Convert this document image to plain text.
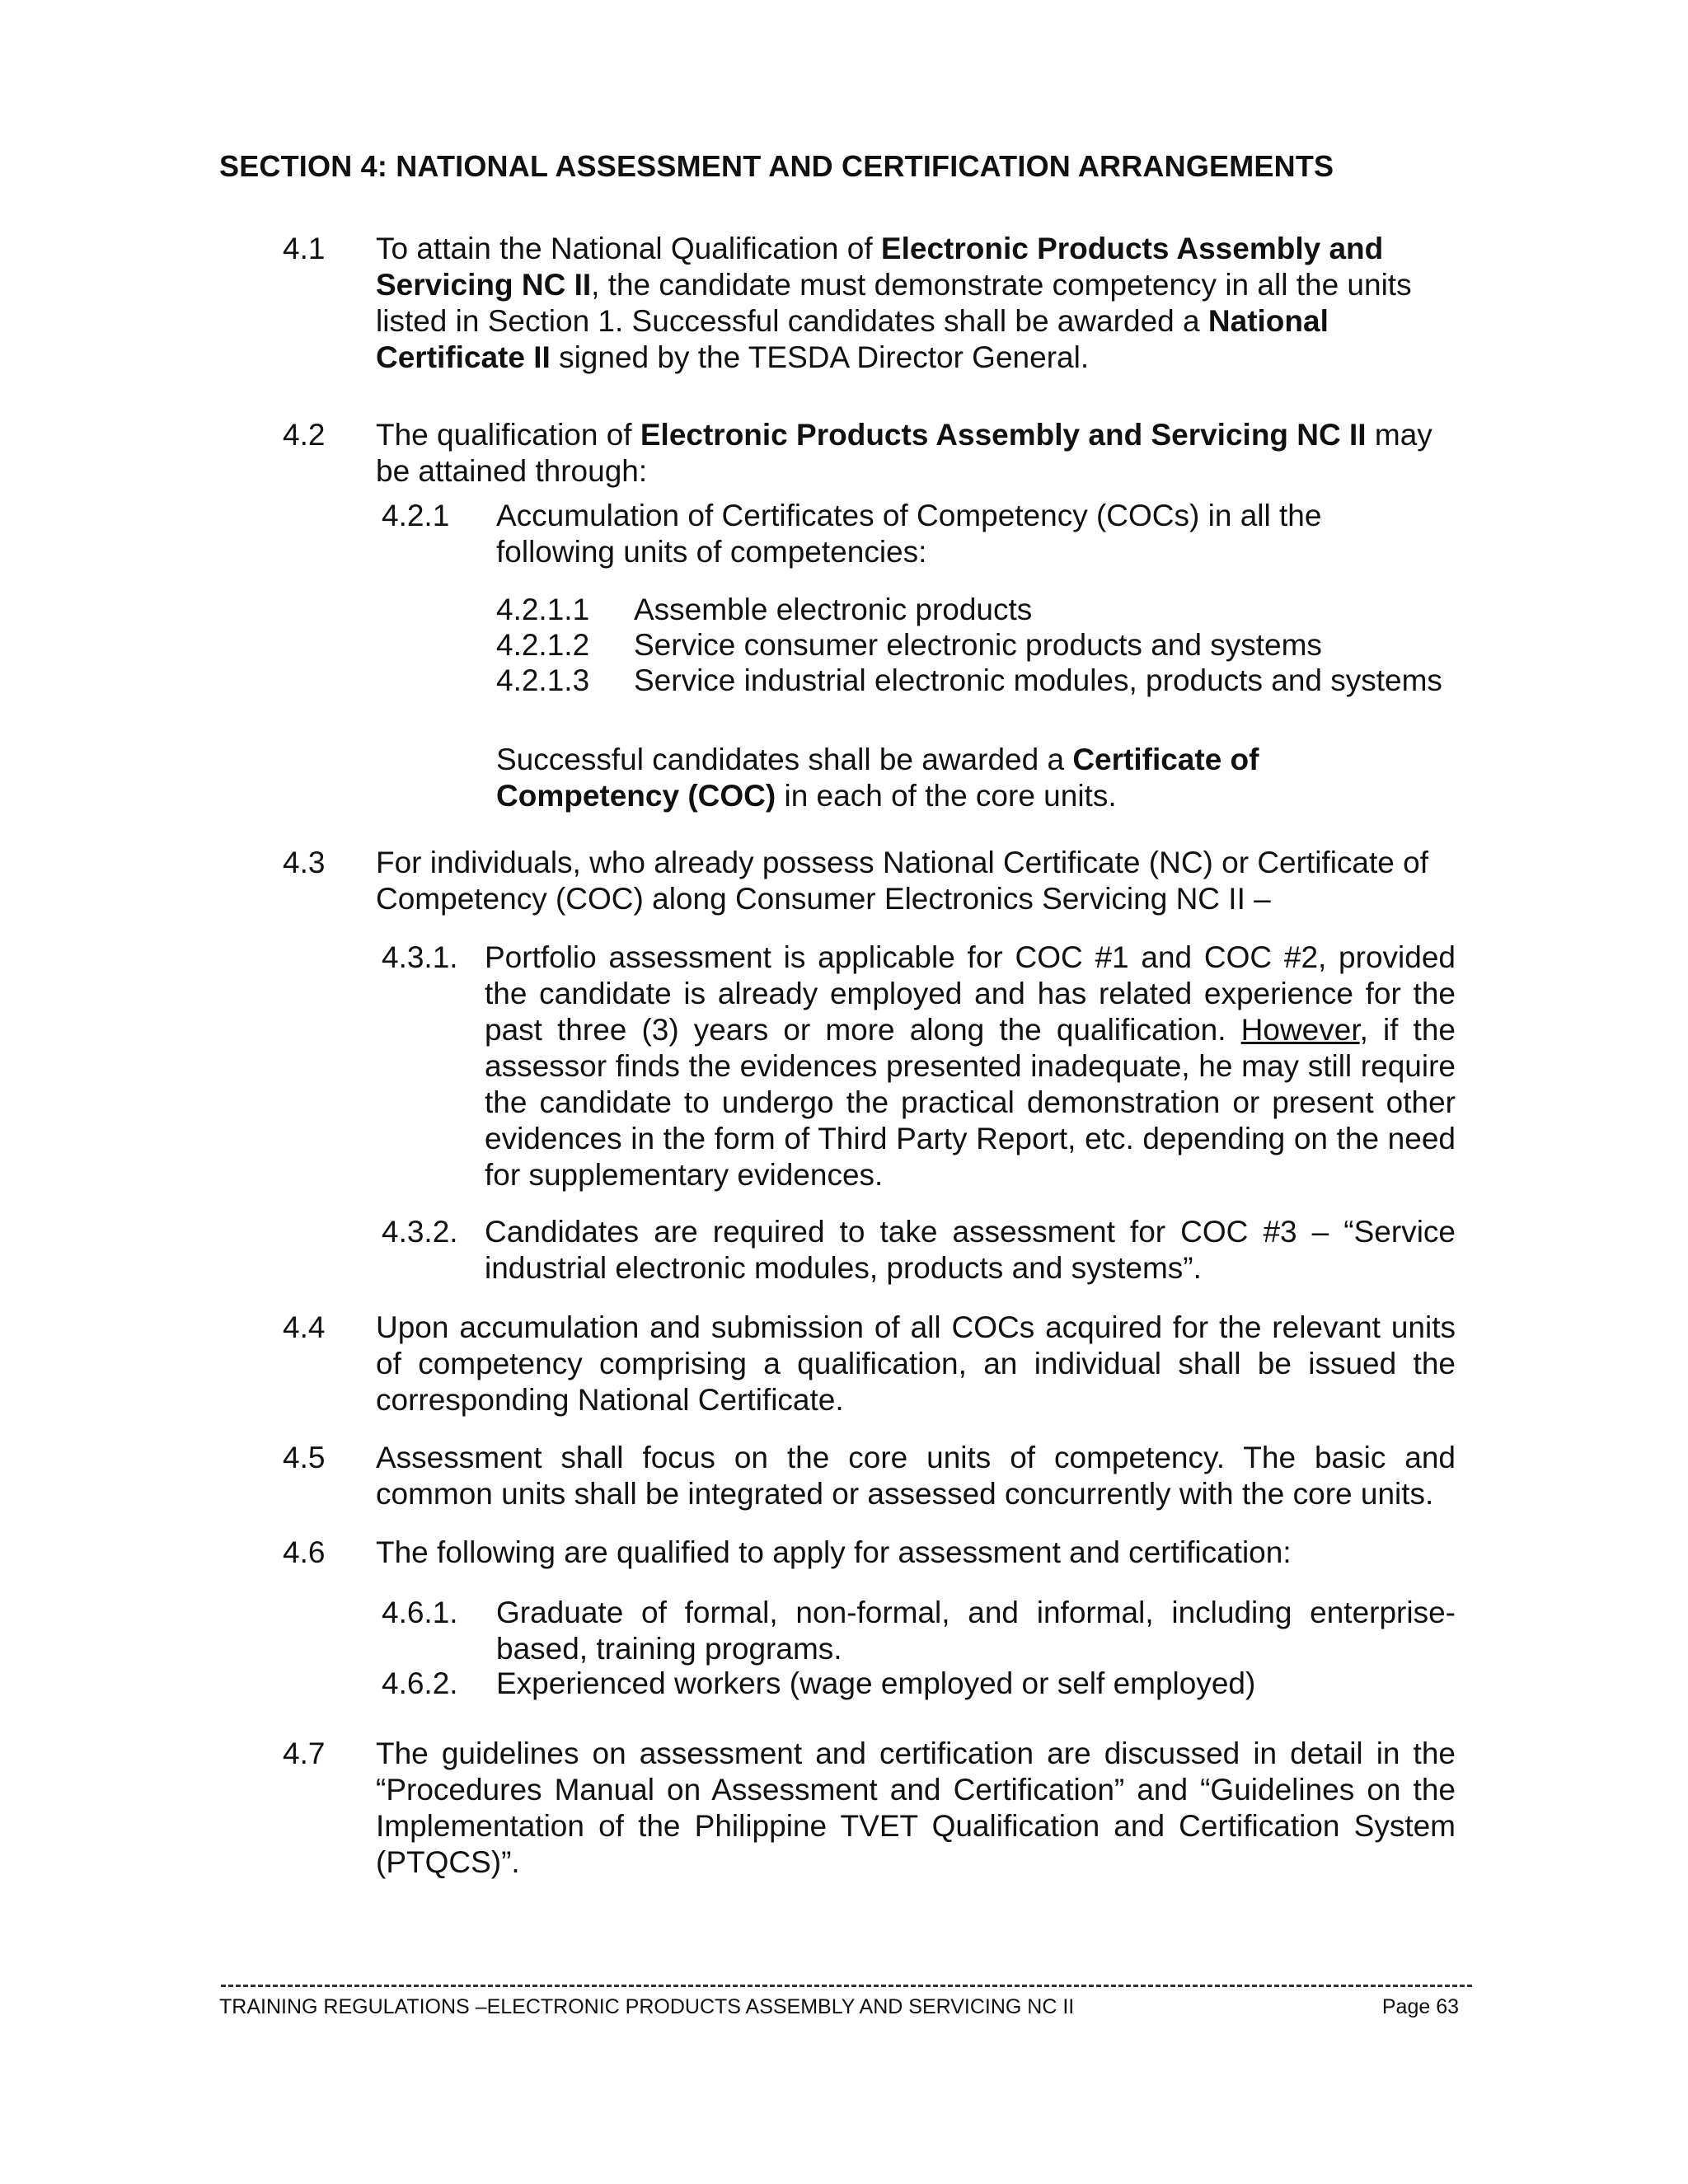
SECTION 4: NATIONAL ASSESSMENT AND CERTIFICATION ARRANGEMENTS
4.1 To attain the National Qualification of Electronic Products Assembly and Servicing NC II, the candidate must demonstrate competency in all the units listed in Section 1. Successful candidates shall be awarded a National Certificate II signed by the TESDA Director General.
4.2 The qualification of Electronic Products Assembly and Servicing NC II may be attained through:
4.2.1 Accumulation of Certificates of Competency (COCs) in all the following units of competencies:
4.2.1.1 Assemble electronic products
4.2.1.2 Service consumer electronic products and systems
4.2.1.3 Service industrial electronic modules, products and systems
Successful candidates shall be awarded a Certificate of Competency (COC) in each of the core units.
4.3 For individuals, who already possess National Certificate (NC) or Certificate of Competency (COC) along Consumer Electronics Servicing NC II –
4.3.1. Portfolio assessment is applicable for COC #1 and COC #2, provided the candidate is already employed and has related experience for the past three (3) years or more along the qualification. However, if the assessor finds the evidences presented inadequate, he may still require the candidate to undergo the practical demonstration or present other evidences in the form of Third Party Report, etc. depending on the need for supplementary evidences.
4.3.2. Candidates are required to take assessment for COC #3 – “Service industrial electronic modules, products and systems”.
4.4 Upon accumulation and submission of all COCs acquired for the relevant units of competency comprising a qualification, an individual shall be issued the corresponding National Certificate.
4.5 Assessment shall focus on the core units of competency. The basic and common units shall be integrated or assessed concurrently with the core units.
4.6 The following are qualified to apply for assessment and certification:
4.6.1. Graduate of formal, non-formal, and informal, including enterprise-based, training programs.
4.6.2. Experienced workers (wage employed or self employed)
4.7 The guidelines on assessment and certification are discussed in detail in the “Procedures Manual on Assessment and Certification” and “Guidelines on the Implementation of the Philippine TVET Qualification and Certification System (PTQCS)”.
TRAINING REGULATIONS –ELECTRONIC PRODUCTS ASSEMBLY AND SERVICING NC II	Page 63
